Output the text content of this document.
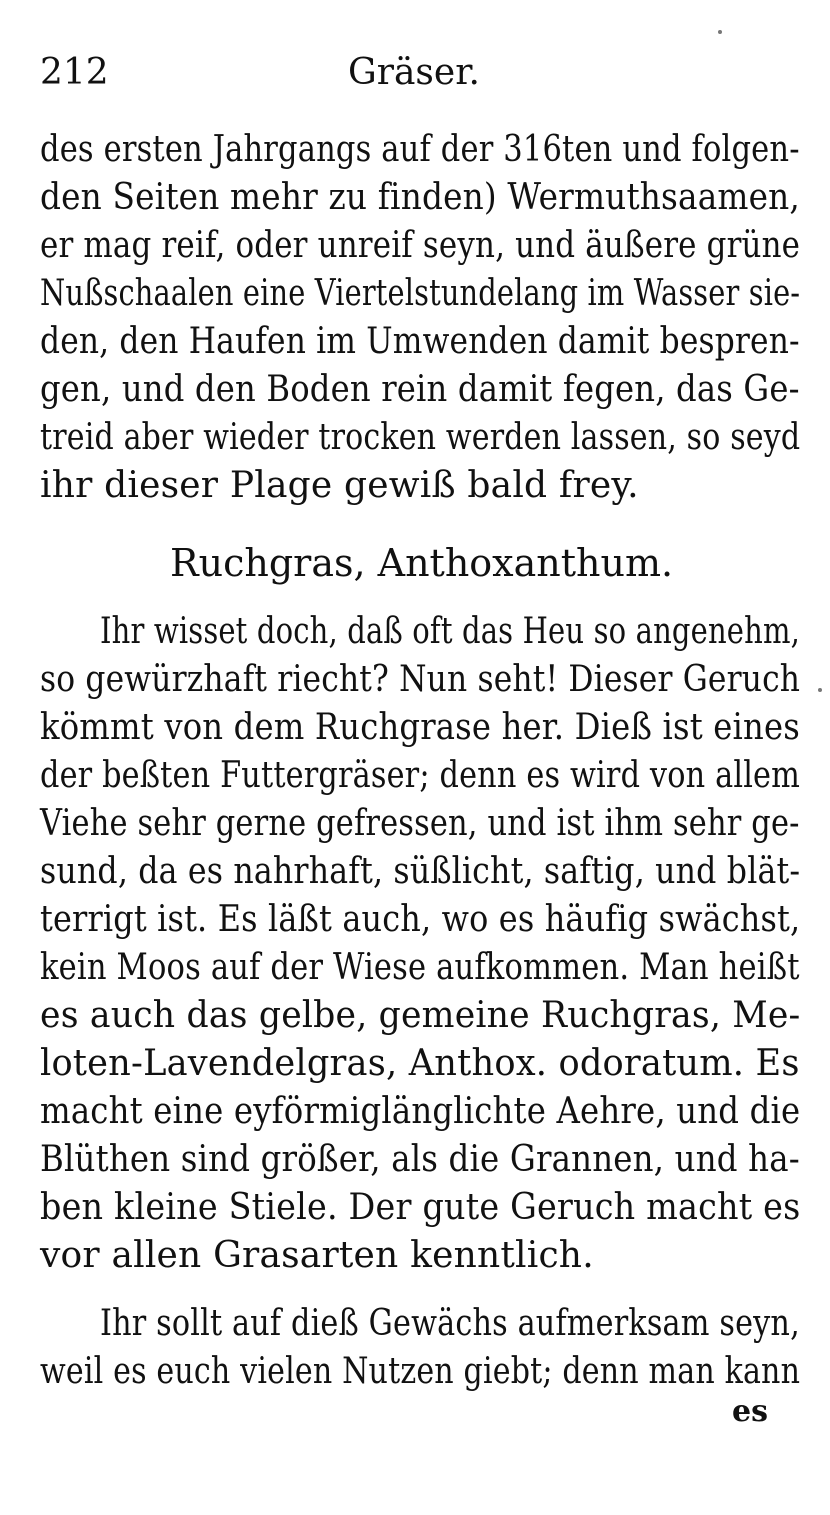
212	Gräser.
des ersten Jahrgangs auf der 316ten und folgen-
den Seiten mehr zu finden) Wermuthsaamen,
er mag reif, oder unreif seyn, und äußere grüne
Nußschaalen eine Viertelstundelang im Wasser sie-
den, den Haufen im Umwenden damit bespren-
gen, und den Boden rein damit fegen, das Ge-
treid aber wieder trocken werden lassen, so seyd
ihr dieser Plage gewiß bald frey.
Ruchgras, Anthoxanthum.
Ihr wisset doch, daß oft das Heu so angenehm,
so gewürzhaft riecht? Nun seht! Dieser Geruch
kömmt von dem Ruchgrase her. Dieß ist eines
der beßten Futtergräser; denn es wird von allem
Viehe sehr gerne gefressen, und ist ihm sehr ge-
sund, da es nahrhaft, süßlicht, saftig, und blät-
terrigt ist. Es läßt auch, wo es häufig swächst,
kein Moos auf der Wiese aufkommen. Man heißt
es auch das gelbe, gemeine Ruchgras, Me-
loten-Lavendelgras, Anthox. odoratum. Es
macht eine eyförmiglänglichte Aehre, und die
Blüthen sind größer, als die Grannen, und ha-
ben kleine Stiele. Der gute Geruch macht es
vor allen Grasarten kenntlich.
Ihr sollt auf dieß Gewächs aufmerksam seyn,
weil es euch vielen Nutzen giebt; denn man kann
es
